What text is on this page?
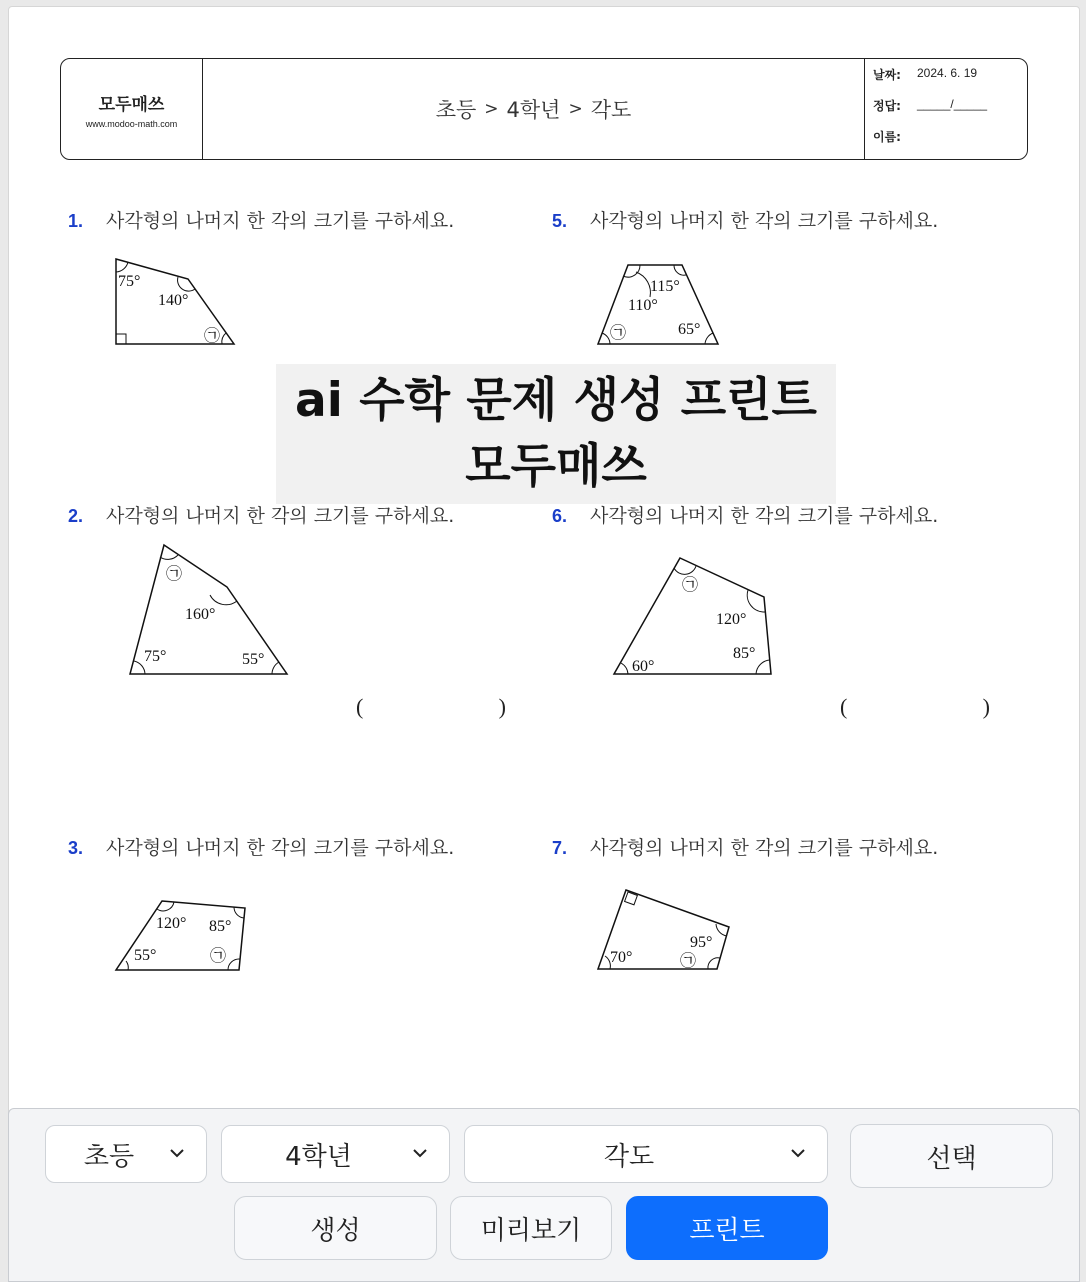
모두매쓰
www.modoo-math.com
초등 > 4학년 > 각도
날짜:	2024. 6. 19
정답:	_____/_____
이름:
1.	사각형의 나머지 한 각의 크기를 구하세요.
75°
140°
㉠
5.	사각형의 나머지 한 각의 크기를 구하세요.
115°
110°
65°
㉠
2.	사각형의 나머지 한 각의 크기를 구하세요.
㉠
160°
75°	55°
(	)
6.	사각형의 나머지 한 각의 크기를 구하세요.
㉠
120°
60°
85°
(	)
3.	사각형의 나머지 한 각의 크기를 구하세요.
120° 85°
55°	㉠
7.	사각형의 나머지 한 각의 크기를 구하세요.
95°
70°	㉠
ai 수학 문제 생성 프린트
모두매쓰
초등	4학년	각도	선택
생성	미리보기	프린트
